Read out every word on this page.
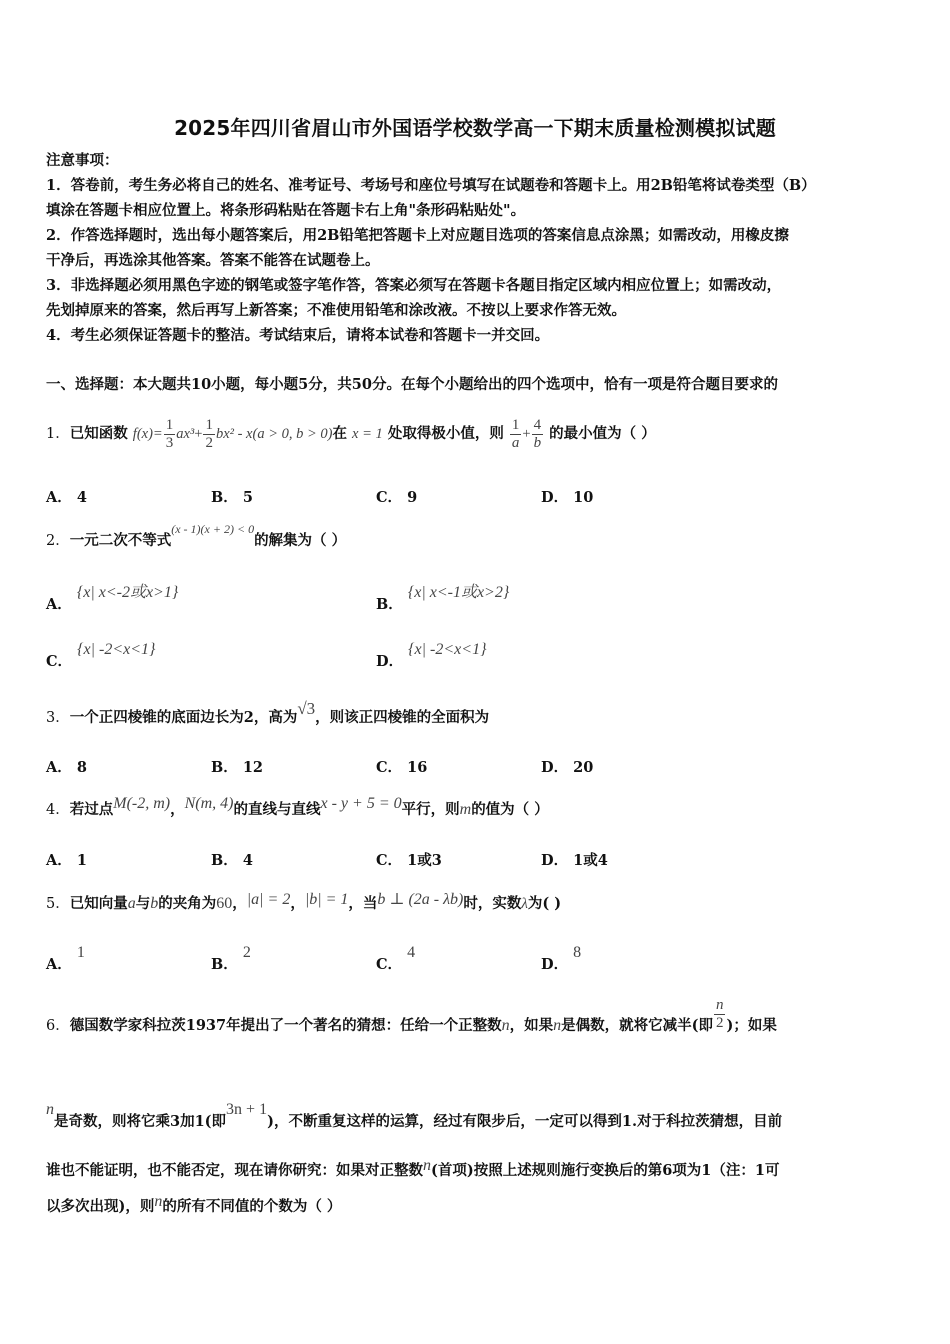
2025年四川省眉山市外国语学校数学高一下期末质量检测模拟试题
注意事项：
1．答卷前，考生务必将自己的姓名、准考证号、考场号和座位号填写在试题卷和答题卡上。用2B铅笔将试卷类型（B）
填涂在答题卡相应位置上。将条形码粘贴在答题卡右上角"条形码粘贴处"。
2．作答选择题时，选出每小题答案后，用2B铅笔把答题卡上对应题目选项的答案信息点涂黑；如需改动，用橡皮擦
干净后，再选涂其他答案。答案不能答在试题卷上。
3．非选择题必须用黑色字迹的钢笔或签字笔作答，答案必须写在答题卡各题目指定区域内相应位置上；如需改动，
先划掉原来的答案，然后再写上新答案；不准使用铅笔和涂改液。不按以上要求作答无效。
4．考生必须保证答题卡的整洁。考试结束后，请将本试卷和答题卡一并交回。
一、选择题：本大题共10小题，每小题5分，共50分。在每个小题给出的四个选项中，恰有一项是符合题目要求的
1．已知函数 $f(x)= \frac{1}{3} ax^3+ \frac{1}{2} bx^2 - x(a > 0$, b > 0)在 x = 1 处取得极小值，则 $\frac{1}{a} + \frac{4}{b}$ 的最小值为（ ）
A． 4	B． 5	C． 9	D． 10
2．一元二次不等式$^{(x - 1)(x + 2) < 0}$的解集为（ ）
A． {x| x<-2或x>1}
B． {x| x<-1或x>2}
C． {x| -2<x<1}
D． {x| -2<x<1}
3．一个正四棱锥的底面边长为2，高为√3，则该正四棱锥的全面积为
A． 8	B． 12	C． 16	D． 20
4．若过点M(-2, m)，N(m, 4)的直线与直线x - y + 5 = 0平行，则m的值为（ ）
A． 1	B． 4	C． 1或3	D． 1或4
5．已知向量a与b的夹角为60，|a| = 2，|b| = 1，当b ⊥ (2a - λb)时，实数λ为( )
A． 1
B． 2
C． 4
D． 8
6．德国数学家科拉茨1937年提出了一个著名的猜想：任给一个正整数n，如果n是偶数，就将它减半(即 $\frac{n}{2}$ )；如果
n是奇数，则将它乘3加1(即3n + 1)，不断重复这样的运算，经过有限步后，一定可以得到1.对于科拉茨猜想，目前
谁也不能证明，也不能否定，现在请你研究：如果对正整数n(首项)按照上述规则施行变换后的第6项为1（注：1可
以多次出现)，则n的所有不同值的个数为（ ）
